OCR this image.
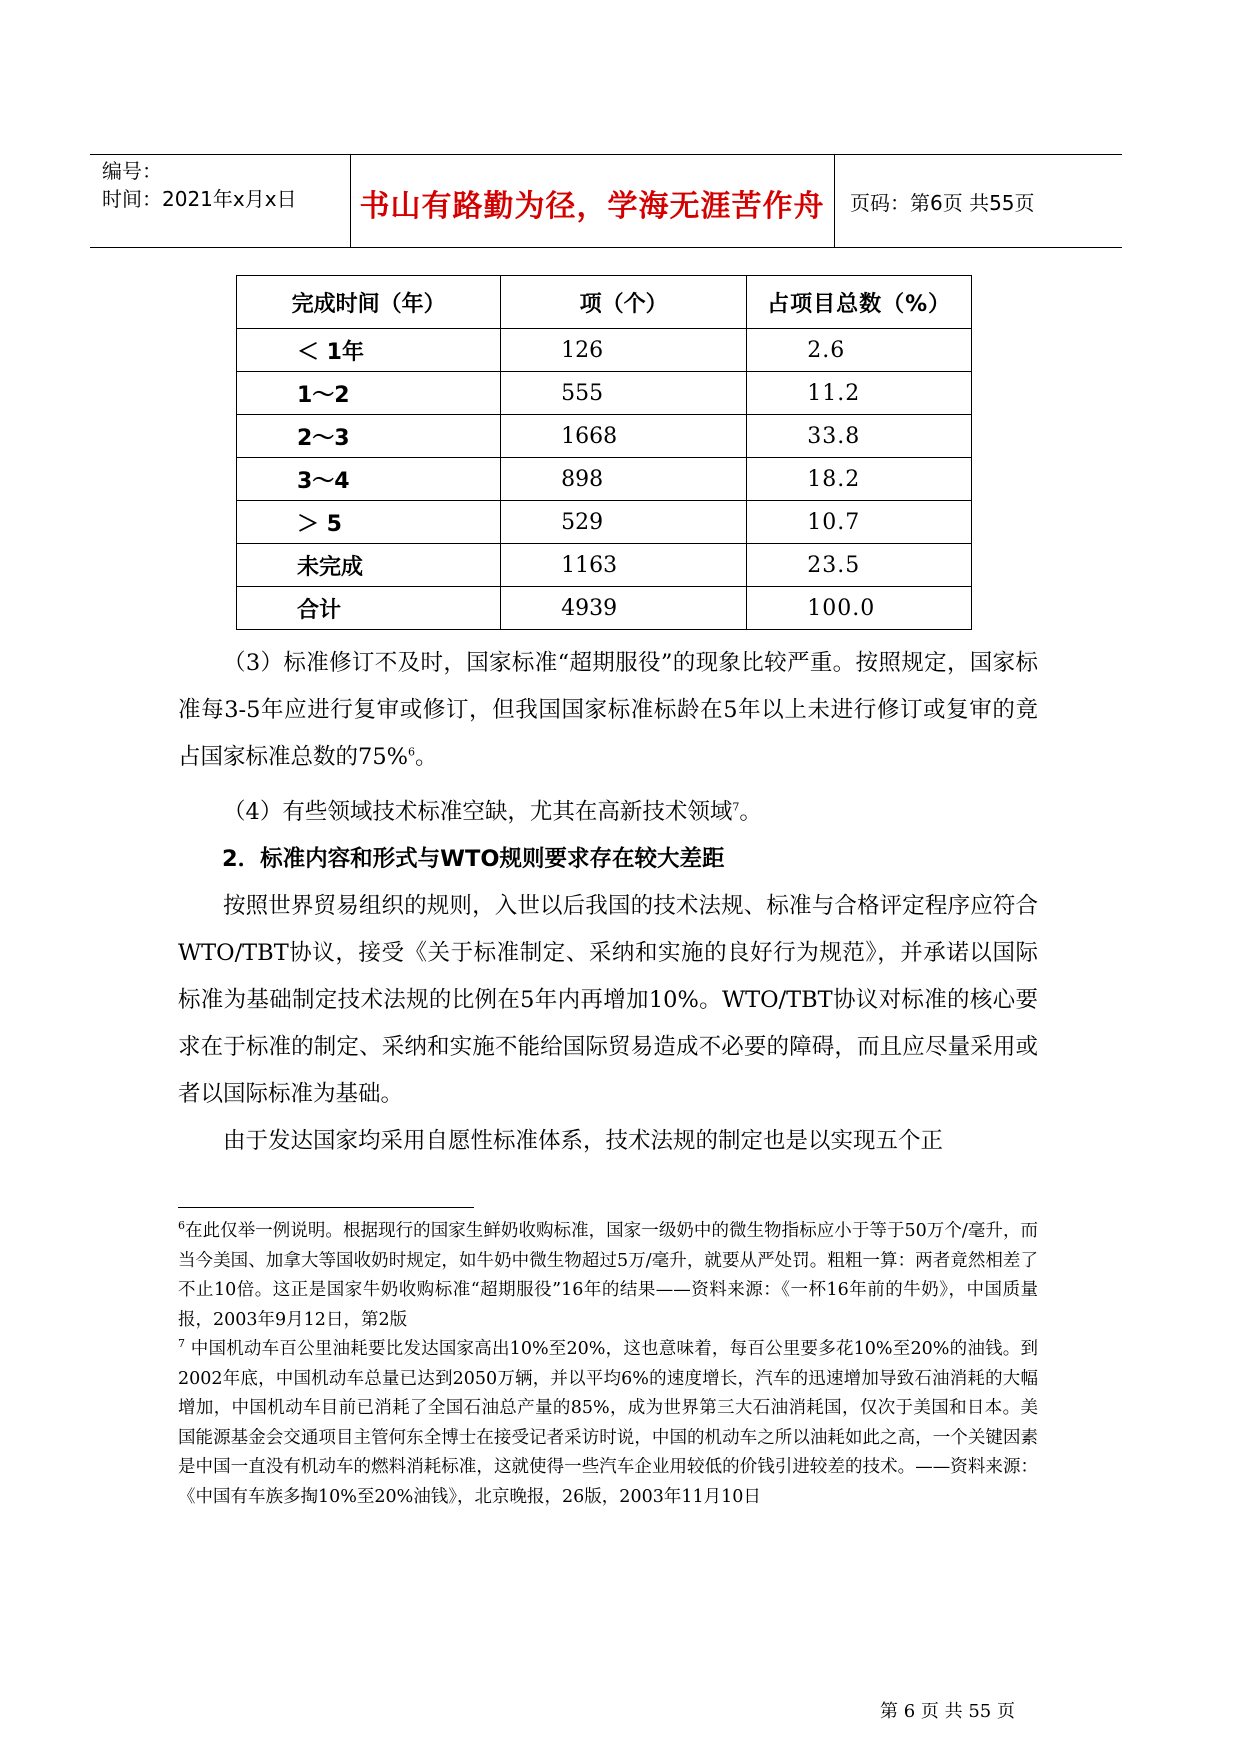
编号：
时间：2021年x月x日	书山有路勤为径，学海无涯苦作舟	页码：第6页 共55页
完成时间（年）	项（个）	占项目总数（%）
＜ 1年	126	2.6
1～2	555	11.2
2～3	1668	33.8
3～4	898	18.2
＞ 5	529	10.7
未完成	1163	23.5
合计	4939	100.0

（3）标准修订不及时，国家标准“超期服役”的现象比较严重。按照规定，国家标准每3-5年应进行复审或修订，但我国国家标准标龄在5年以上未进行修订或复审的竟占国家标准总数的75%$^6$。

（4）有些领域技术标准空缺，尤其在高新技术领域$^7$。

2．标准内容和形式与WTO规则要求存在较大差距

按照世界贸易组织的规则，入世以后我国的技术法规、标准与合格评定程序应符合WTO/TBT协议，接受《关于标准制定、采纳和实施的良好行为规范》，并承诺以国际标准为基础制定技术法规的比例在5年内再增加10%。WTO/TBT协议对标准的核心要求在于标准的制定、采纳和实施不能给国际贸易造成不必要的障碍，而且应尽量采用或者以国际标准为基础。

由于发达国家均采用自愿性标准体系，技术法规的制定也是以实现五个正

$^6$在此仅举一例说明。根据现行的国家生鲜奶收购标准，国家一级奶中的微生物指标应小于等于50万个/毫升，而当今美国、加拿大等国收奶时规定，如牛奶中微生物超过5万/毫升，就要从严处罚。粗粗一算：两者竟然相差了不止10倍。这正是国家牛奶收购标准“超期服役”16年的结果——资料来源：《一杯16年前的牛奶》，中国质量报，2003年9月12日，第2版

$^7$ 中国机动车百公里油耗要比发达国家高出10%至20%，这也意味着，每百公里要多花10%至20%的油钱。到2002年底，中国机动车总量已达到2050万辆，并以平均6%的速度增长，汽车的迅速增加导致石油消耗的大幅增加，中国机动车目前已消耗了全国石油总产量的85%，成为世界第三大石油消耗国，仅次于美国和日本。美国能源基金会交通项目主管何东全博士在接受记者采访时说，中国的机动车之所以油耗如此之高，一个关键因素是中国一直没有机动车的燃料消耗标准，这就使得一些汽车企业用较低的价钱引进较差的技术。——资料来源：《中国有车族多掏10%至20%油钱》，北京晚报，26版，2003年11月10日

第 6 页 共 55 页
